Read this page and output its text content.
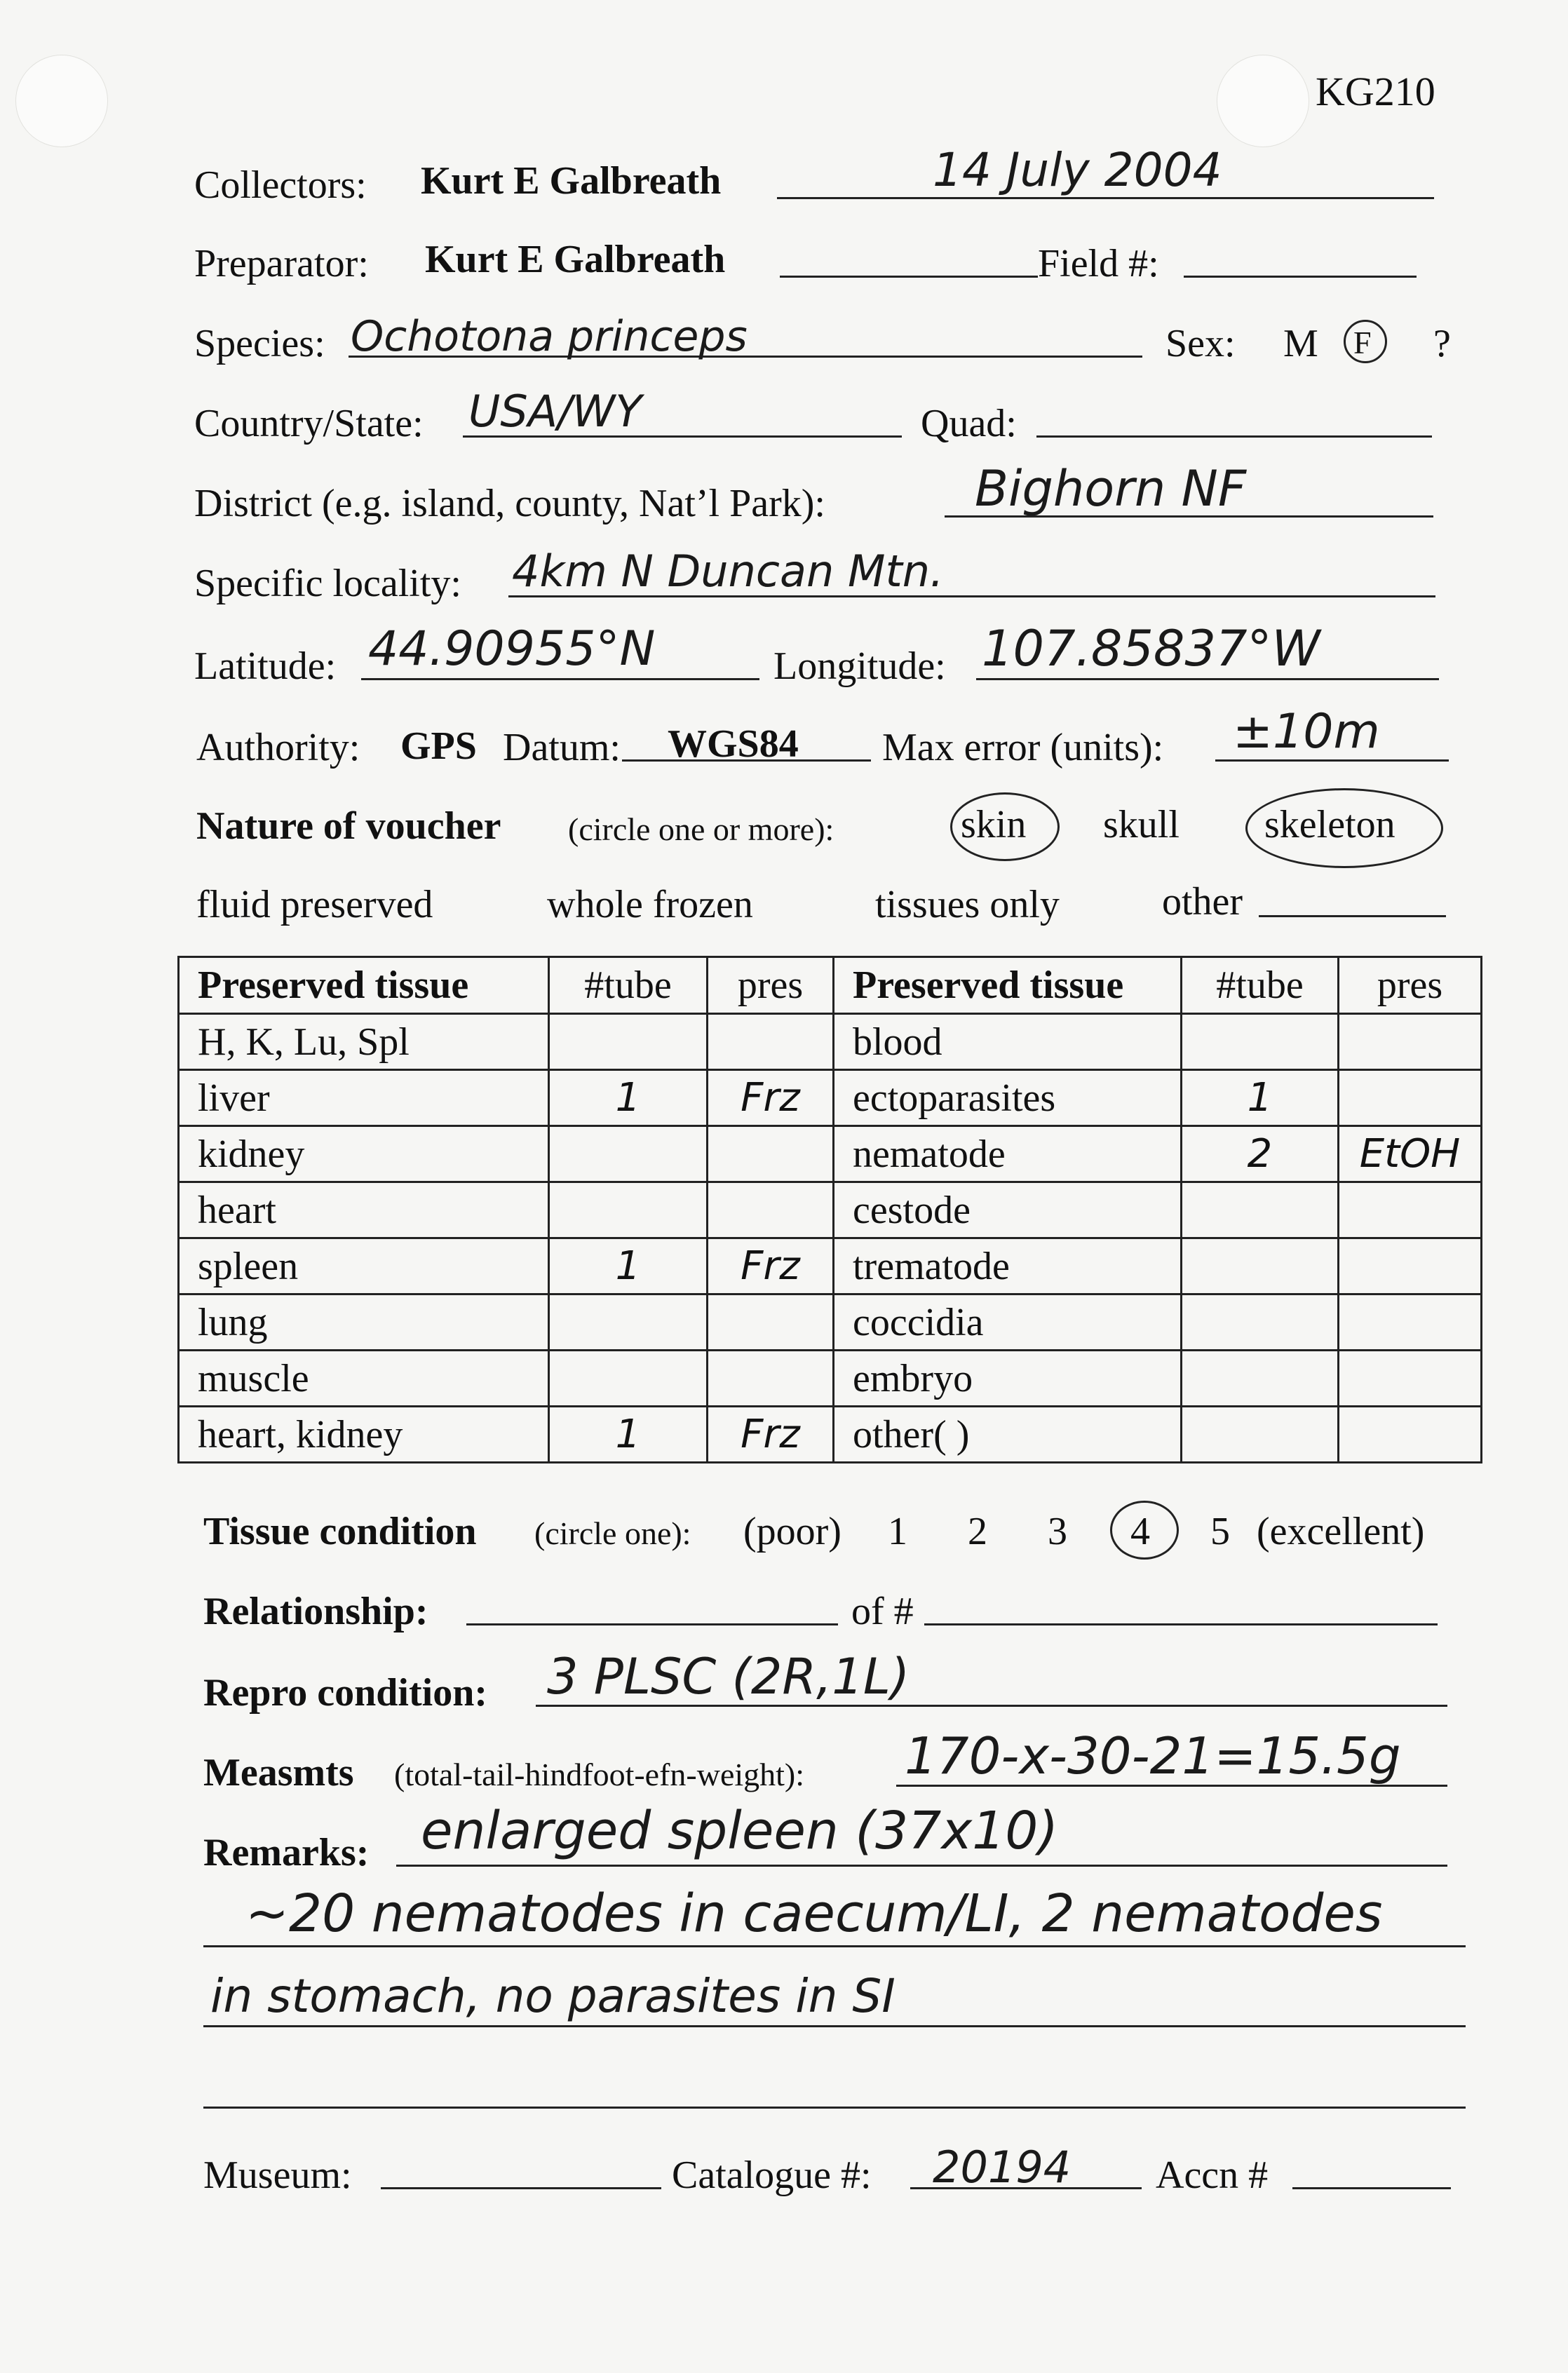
KG210
Collectors: Kurt E Galbreath	14 July 2004
Preparator: Kurt E Galbreath	Field #:
Species: Ochotona princeps	Sex: M F ?
Country/State: USA/WY	Quad:
District (e.g. island, county, Nat’l Park):	Bighorn NF
Specific locality: 4km N Duncan Mtn.
Latitude: 44.90955°N	Longitude: 107.85837°W
Authority: GPS Datum: WGS84 Max error (units): ±10m
Nature of voucher (circle one or more):	skin skull skeleton
fluid preserved	whole frozen	tissues only	other
Preserved tissue	#tube	pres	Preserved tissue	#tube	pres
H, K, Lu, Spl			blood		
liver	1	Frz	ectoparasites	1	
kidney			nematode	2	EtOH
heart			cestode		
spleen	1	Frz	trematode		
lung			coccidia		
muscle			embryo		
heart, kidney	1	Frz	other( )		
Tissue condition (circle one): (poor) 1 2 3 4 5 (excellent)
Relationship:	of #
Repro condition: 3 PLSC (2R,1L)
Measmts (total-tail-hindfoot-efn-weight): 170-x-30-21=15.5g
Remarks: enlarged spleen (37x10)
~20 nematodes in caecum/LI, 2 nematodes
in stomach, no parasites in SI
Museum:	Catalogue #: 20194 Accn #
